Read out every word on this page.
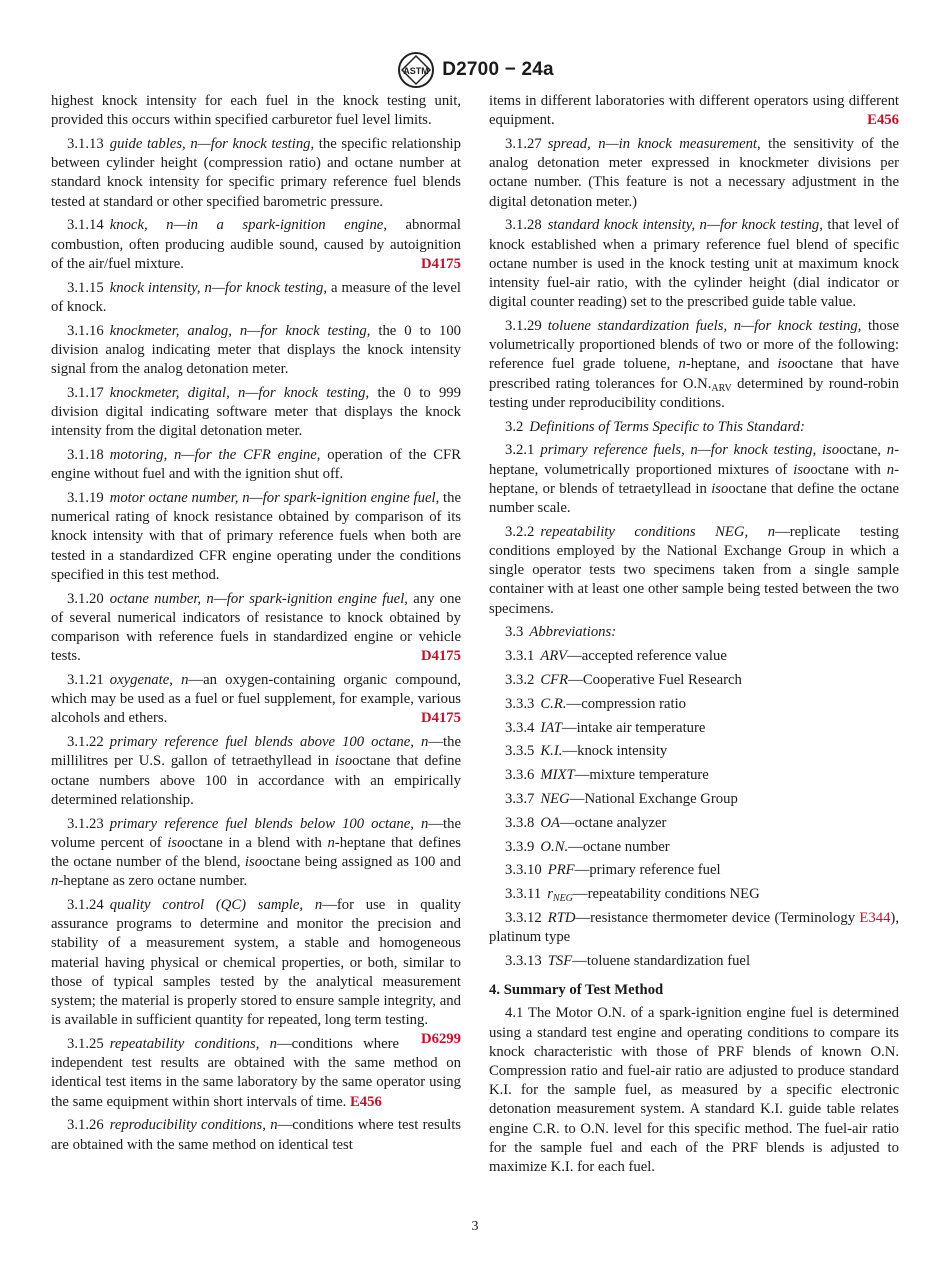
ASTM D2700 − 24a

highest knock intensity for each fuel in the knock testing unit, provided this occurs within specified carburetor fuel level limits.

3.1.13 guide tables, n—for knock testing, the specific relationship between cylinder height (compression ratio) and octane number at standard knock intensity for specific primary reference fuel blends tested at standard or other specified barometric pressure.

3.1.14 knock, n—in a spark-ignition engine, abnormal combustion, often producing audible sound, caused by autoignition of the air/fuel mixture.	D4175

3.1.15 knock intensity, n—for knock testing, a measure of the level of knock.

3.1.16 knockmeter, analog, n—for knock testing, the 0 to 100 division analog indicating meter that displays the knock intensity signal from the analog detonation meter.

3.1.17 knockmeter, digital, n—for knock testing, the 0 to 999 division digital indicating software meter that displays the knock intensity from the digital detonation meter.

3.1.18 motoring, n—for the CFR engine, operation of the CFR engine without fuel and with the ignition shut off.

3.1.19 motor octane number, n—for spark-ignition engine fuel, the numerical rating of knock resistance obtained by comparison of its knock intensity with that of primary reference fuels when both are tested in a standardized CFR engine operating under the conditions specified in this test method.

3.1.20 octane number, n—for spark-ignition engine fuel, any one of several numerical indicators of resistance to knock obtained by comparison with reference fuels in standardized engine or vehicle tests.	D4175

3.1.21 oxygenate, n—an oxygen-containing organic compound, which may be used as a fuel or fuel supplement, for example, various alcohols and ethers.	D4175

3.1.22 primary reference fuel blends above 100 octane, n—the millilitres per U.S. gallon of tetraethyllead in isooctane that define octane numbers above 100 in accordance with an empirically determined relationship.

3.1.23 primary reference fuel blends below 100 octane, n—the volume percent of isooctane in a blend with n-heptane that defines the octane number of the blend, isooctane being assigned as 100 and n-heptane as zero octane number.

3.1.24 quality control (QC) sample, n—for use in quality assurance programs to determine and monitor the precision and stability of a measurement system, a stable and homogeneous material having physical or chemical properties, or both, similar to those of typical samples tested by the analytical measurement system; the material is properly stored to ensure sample integrity, and is available in sufficient quantity for repeated, long term testing.
D6299

3.1.25 repeatability conditions, n—conditions where independent test results are obtained with the same method on identical test items in the same laboratory by the same operator using the same equipment within short intervals of time. E456

3.1.26 reproducibility conditions, n—conditions where test results are obtained with the same method on identical test

items in different laboratories with different operators using different equipment.	E456

3.1.27 spread, n—in knock measurement, the sensitivity of the analog detonation meter expressed in knockmeter divisions per octane number. (This feature is not a necessary adjustment in the digital detonation meter.)

3.1.28 standard knock intensity, n—for knock testing, that level of knock established when a primary reference fuel blend of specific octane number is used in the knock testing unit at maximum knock intensity fuel-air ratio, with the cylinder height (dial indicator or digital counter reading) set to the prescribed guide table value.

3.1.29 toluene standardization fuels, n—for knock testing, those volumetrically proportioned blends of two or more of the following: reference fuel grade toluene, n-heptane, and isooctane that have prescribed rating tolerances for $O.N._{ARV}$ determined by round-robin testing under reproducibility conditions.

3.2 Definitions of Terms Specific to This Standard:

3.2.1 primary reference fuels, n—for knock testing, isooctane, n-heptane, volumetrically proportioned mixtures of isooctane with n-heptane, or blends of tetraetyllead in isooctane that define the octane number scale.

3.2.2 repeatability conditions NEG, n—replicate testing conditions employed by the National Exchange Group in which a single operator tests two specimens taken from a single sample container with at least one other sample being tested between the two specimens.

3.3 Abbreviations:

3.3.1 ARV—accepted reference value

3.3.2 CFR—Cooperative Fuel Research

3.3.3 C.R.—compression ratio

3.3.4 IAT—intake air temperature

3.3.5 K.I.—knock intensity

3.3.6 MIXT—mixture temperature

3.3.7 NEG—National Exchange Group

3.3.8 OA—octane analyzer

3.3.9 O.N.—octane number

3.3.10 PRF—primary reference fuel

3.3.11 $r_{NEG}—repeatability$ conditions NEG

3.3.12 RTD—resistance thermometer device (Terminology E344), platinum type

3.3.13 TSF—toluene standardization fuel

4. Summary of Test Method

4.1 The Motor O.N. of a spark-ignition engine fuel is determined using a standard test engine and operating conditions to compare its knock characteristic with those of PRF blends of known O.N. Compression ratio and fuel-air ratio are adjusted to produce standard K.I. for the sample fuel, as measured by a specific electronic detonation measurement system. A standard K.I. guide table relates engine C.R. to O.N. level for this specific method. The fuel-air ratio for the sample fuel and each of the PRF blends is adjusted to maximize K.I. for each fuel.

3
